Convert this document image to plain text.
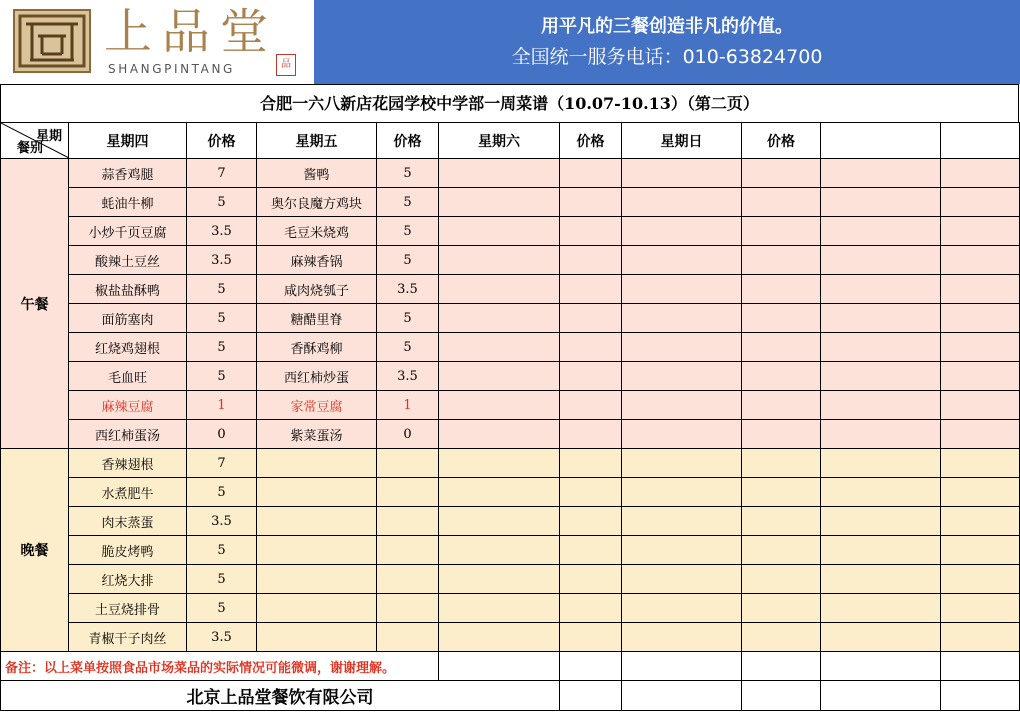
上品堂
SHANGPINTANG	品
用平凡的三餐创造非凡的价值。
全国统一服务电话：010-63824700
合肥一六八新店花园学校中学部一周菜谱（10.07-10.13）（第二页）
星期
餐别	星期四	价格	星期五	价格	星期六	价格	星期日	价格		
午餐	蒜香鸡腿	7	酱鸭	5						
	蚝油牛柳	5	奥尔良魔方鸡块	5						
	小炒千页豆腐	3.5	毛豆米烧鸡	5						
	酸辣土豆丝	3.5	麻辣香锅	5						
	椒盐盐酥鸭	5	咸肉烧瓠子	3.5						
	面筋塞肉	5	糖醋里脊	5						
	红烧鸡翅根	5	香酥鸡柳	5						
	毛血旺	5	西红柿炒蛋	3.5						
	麻辣豆腐	1	家常豆腐	1						
	西红柿蛋汤	0	紫菜蛋汤	0						
晚餐	香辣翅根	7								
	水煮肥牛	5								
	肉末蒸蛋	3.5								
	脆皮烤鸭	5								
	红烧大排	5								
	土豆烧排骨	5								
	青椒干子肉丝	3.5								
备注：以上菜单按照食品市场菜品的实际情况可能微调，谢谢理解。										
北京上品堂餐饮有限公司										
